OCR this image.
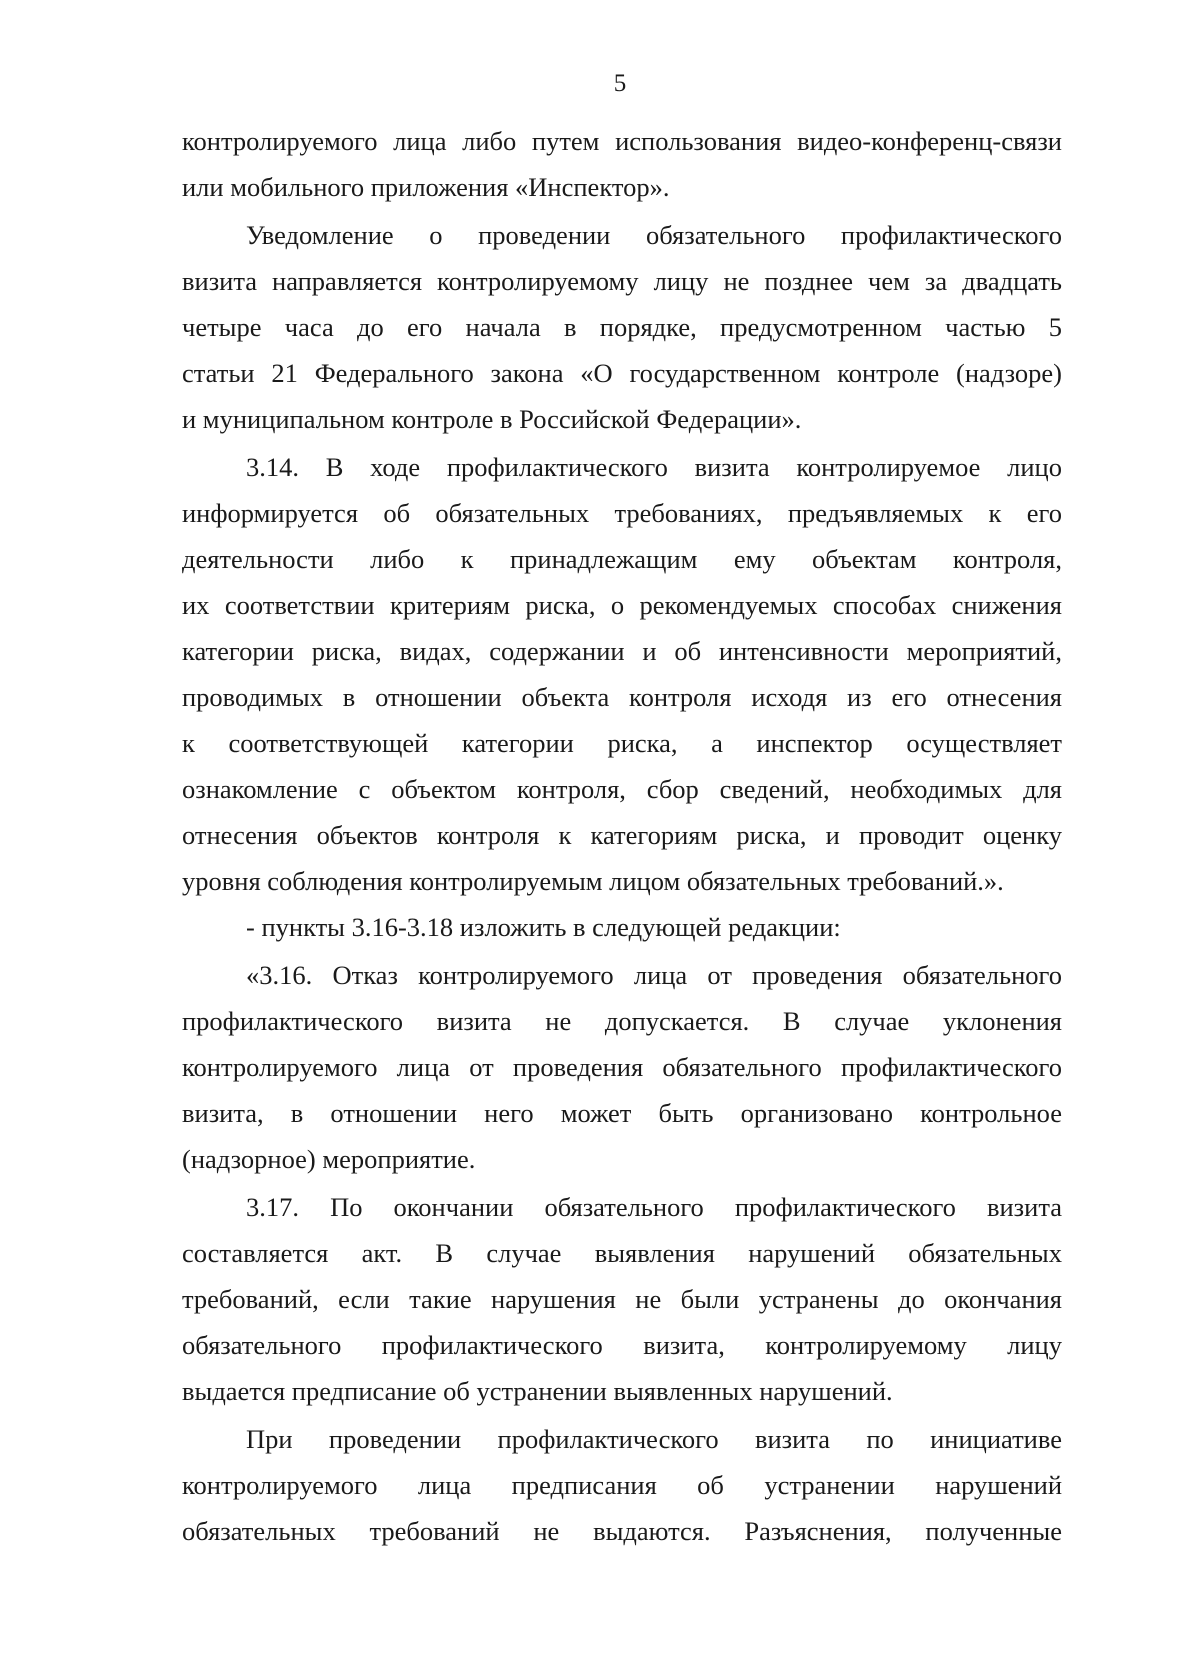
5
контролируемого лица либо путем использования видео-конференц-связи
или мобильного приложения «Инспектор».
Уведомление о проведении обязательного профилактического
визита направляется контролируемому лицу не позднее чем за двадцать
четыре часа до его начала в порядке, предусмотренном частью 5
статьи 21 Федерального закона «О государственном контроле (надзоре)
и муниципальном контроле в Российской Федерации».
3.14. В ходе профилактического визита контролируемое лицо
информируется об обязательных требованиях, предъявляемых к его
деятельности либо к принадлежащим ему объектам контроля,
их соответствии критериям риска, о рекомендуемых способах снижения
категории риска, видах, содержании и об интенсивности мероприятий,
проводимых в отношении объекта контроля исходя из его отнесения
к соответствующей категории риска, а инспектор осуществляет
ознакомление с объектом контроля, сбор сведений, необходимых для
отнесения объектов контроля к категориям риска, и проводит оценку
уровня соблюдения контролируемым лицом обязательных требований.».
- пункты 3.16-3.18 изложить в следующей редакции:
«3.16. Отказ контролируемого лица от проведения обязательного
профилактического визита не допускается. В случае уклонения
контролируемого лица от проведения обязательного профилактического
визита, в отношении него может быть организовано контрольное
(надзорное) мероприятие.
3.17. По окончании обязательного профилактического визита
составляется акт. В случае выявления нарушений обязательных
требований, если такие нарушения не были устранены до окончания
обязательного профилактического визита, контролируемому лицу
выдается предписание об устранении выявленных нарушений.
При проведении профилактического визита по инициативе
контролируемого лица предписания об устранении нарушений
обязательных требований не выдаются. Разъяснения, полученные
